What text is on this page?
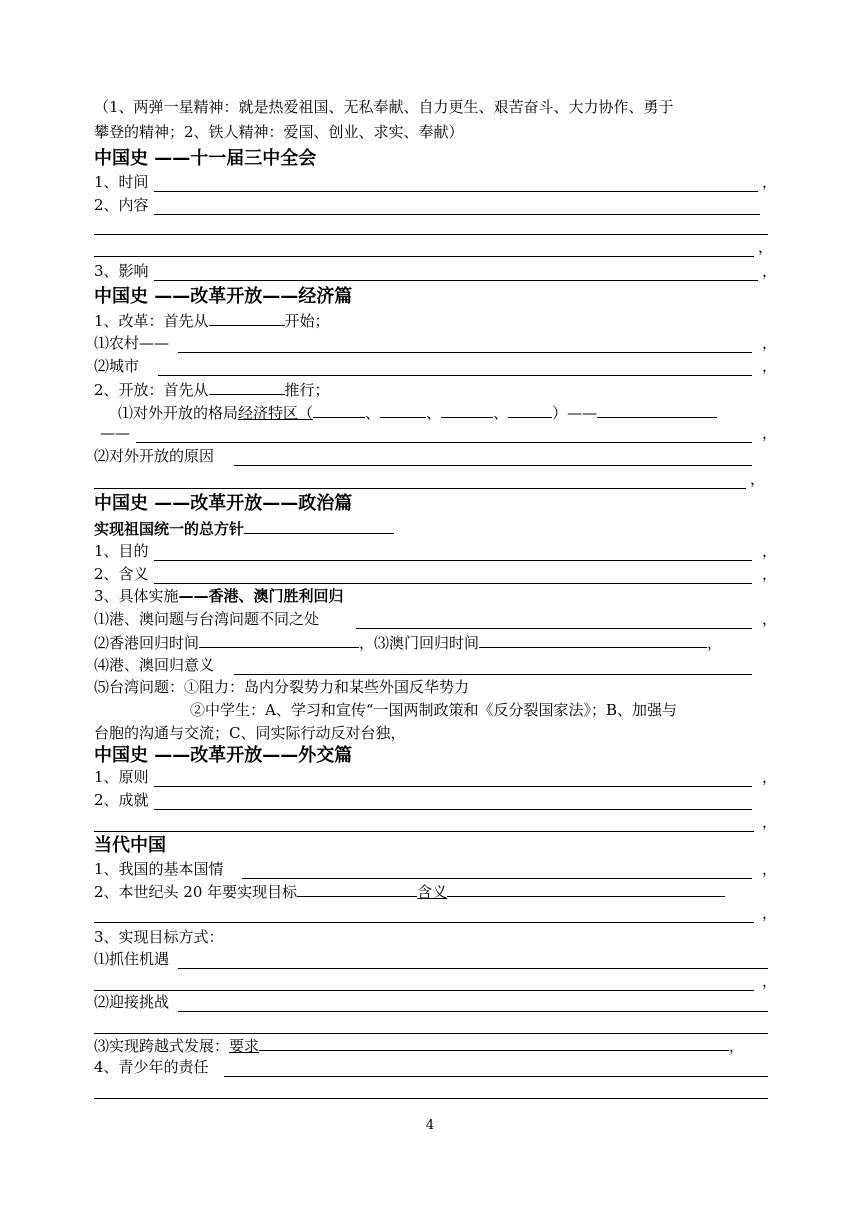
（1、两弹一星精神：就是热爱祖国、无私奉献、自力更生、艰苦奋斗、大力协作、勇于
攀登的精神；2、铁人精神：爱国、创业、求实、奉献）
中国史 ——十一届三中全会
1、时间	，
2、内容
，
3、影响	，
中国史 ——改革开放——经济篇
1、改革：首先从	开始；
⑴农村——	，
⑵城市	，
2、开放：首先从	推行；
⑴对外开放的格局经济特区（	、	、	、	）——
——	，
⑵对外开放的原因
，
中国史 ——改革开放——政治篇
实现祖国统一的总方针
1、目的	，
2、含义	，
3、具体实施——香港、澳门胜利回归
⑴港、澳问题与台湾问题不同之处	，
⑵香港回归时间	，⑶澳门回归时间	，
⑷港、澳回归意义
⑸台湾问题：①阻力：岛内分裂势力和某些外国反华势力
②中学生：A、学习和宣传“一国两制政策和《反分裂国家法》；B、加强与
台胞的沟通与交流；C、同实际行动反对台独，
中国史 ——改革开放——外交篇
1、原则	，
2、成就
，
当代中国
1、我国的基本国情	，
2、本世纪头 20 年要实现目标	含义
，
3、实现目标方式：
⑴抓住机遇
，
⑵迎接挑战
⑶实现跨越式发展：要求	，
4、青少年的责任
4
